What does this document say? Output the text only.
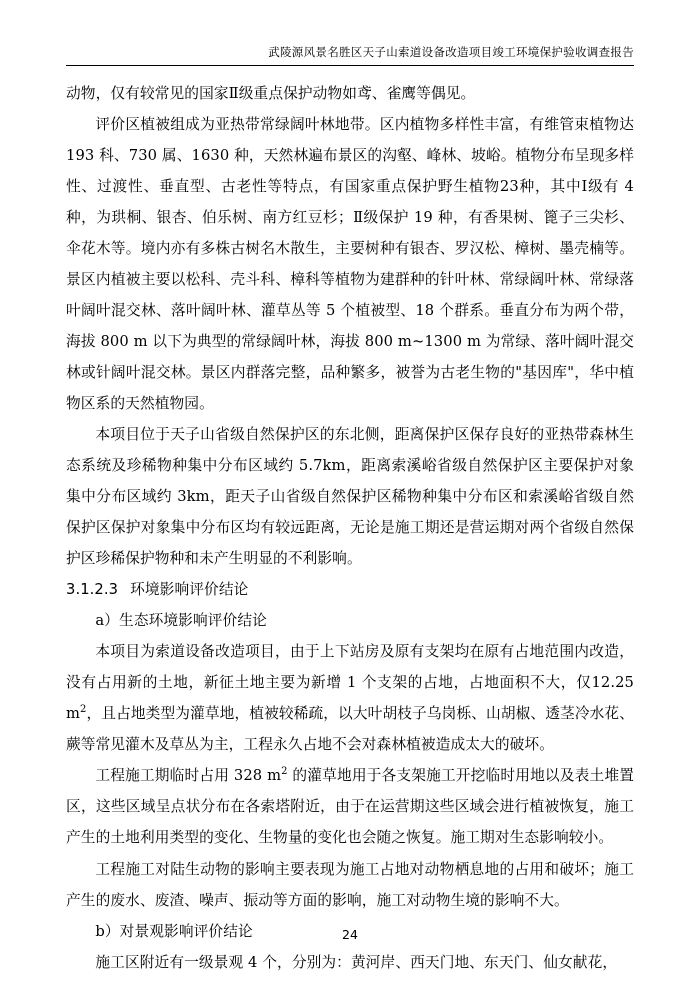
武陵源风景名胜区天子山索道设备改造项目竣工环境保护验收调查报告

动物，仅有较常见的国家Ⅱ级重点保护动物如鸢、雀鹰等偶见。

评价区植被组成为亚热带常绿阔叶林地带。区内植物多样性丰富，有维管束植物达 193 科、730 属、1630 种，天然林遍布景区的沟壑、峰林、坡峪。植物分布呈现多样性、过渡性、垂直型、古老性等特点，有国家重点保护野生植物23种，其中Ⅰ级有 4 种，为珙桐、银杏、伯乐树、南方红豆杉；Ⅱ级保护 19 种，有香果树、篦子三尖杉、伞花木等。境内亦有多株古树名木散生，主要树种有银杏、罗汉松、樟树、墨壳楠等。景区内植被主要以松科、壳斗科、樟科等植物为建群种的针叶林、常绿阔叶林、常绿落叶阔叶混交林、落叶阔叶林、灌草丛等 5 个植被型、18 个群系。垂直分布为两个带，海拔 800 m 以下为典型的常绿阔叶林，海拔 800 m~1300 m 为常绿、落叶阔叶混交林或针阔叶混交林。景区内群落完整，品种繁多，被誉为古老生物的"基因库"，华中植物区系的天然植物园。

本项目位于天子山省级自然保护区的东北侧，距离保护区保存良好的亚热带森林生态系统及珍稀物种集中分布区域约 5.7km，距离索溪峪省级自然保护区主要保护对象集中分布区域约 3km，距天子山省级自然保护区稀物种集中分布区和索溪峪省级自然保护区保护对象集中分布区均有较远距离，无论是施工期还是营运期对两个省级自然保护区珍稀保护物种和未产生明显的不利影响。

3.1.2.3 环境影响评价结论

a）生态环境影响评价结论

本项目为索道设备改造项目，由于上下站房及原有支架均在原有占地范围内改造，没有占用新的土地，新征土地主要为新增 1 个支架的占地，占地面积不大，仅12.25 $m^2$，且占地类型为灌草地，植被较稀疏，以大叶胡枝子乌岗栎、山胡椒、透茎冷水花、蕨等常见灌木及草丛为主，工程永久占地不会对森林植被造成太大的破坏。

工程施工期临时占用 328 $m^2$ 的灌草地用于各支架施工开挖临时用地以及表土堆置区，这些区域呈点状分布在各索塔附近，由于在运营期这些区域会进行植被恢复，施工产生的土地利用类型的变化、生物量的变化也会随之恢复。施工期对生态影响较小。

工程施工对陆生动物的影响主要表现为施工占地对动物栖息地的占用和破坏；施工产生的废水、废渣、噪声、振动等方面的影响，施工对动物生境的影响不大。

b）对景观影响评价结论

施工区附近有一级景观 4 个，分别为：黄河岸、西天门地、东天门、仙女献花，

24
